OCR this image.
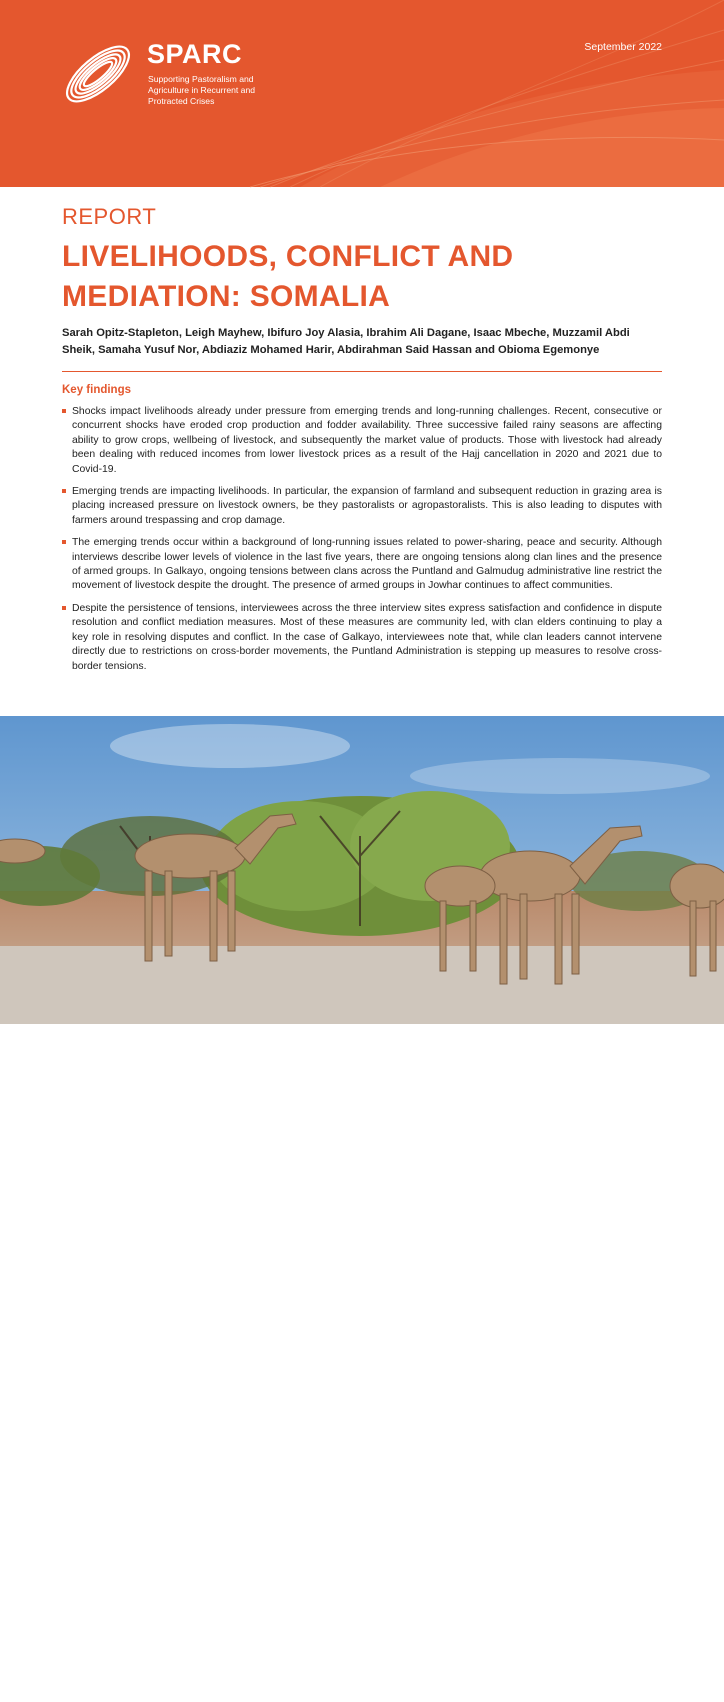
SPARC
Supporting Pastoralism and Agriculture in Recurrent and Protracted Crises
September 2022
REPORT
LIVELIHOODS, CONFLICT AND MEDIATION: SOMALIA
Sarah Opitz-Stapleton, Leigh Mayhew, Ibifuro Joy Alasia, Ibrahim Ali Dagane, Isaac Mbeche, Muzzamil Abdi Sheik, Samaha Yusuf Nor, Abdiaziz Mohamed Harir, Abdirahman Said Hassan and Obioma Egemonye
Key findings
Shocks impact livelihoods already under pressure from emerging trends and long-running challenges. Recent, consecutive or concurrent shocks have eroded crop production and fodder availability. Three successive failed rainy seasons are affecting ability to grow crops, wellbeing of livestock, and subsequently the market value of products. Those with livestock had already been dealing with reduced incomes from lower livestock prices as a result of the Hajj cancellation in 2020 and 2021 due to Covid-19.
Emerging trends are impacting livelihoods. In particular, the expansion of farmland and subsequent reduction in grazing area is placing increased pressure on livestock owners, be they pastoralists or agropastoralists. This is also leading to disputes with farmers around trespassing and crop damage.
The emerging trends occur within a background of long-running issues related to power-sharing, peace and security. Although interviews describe lower levels of violence in the last five years, there are ongoing tensions along clan lines and the presence of armed groups. In Galkayo, ongoing tensions between clans across the Puntland and Galmudug administrative line restrict the movement of livestock despite the drought. The presence of armed groups in Jowhar continues to affect communities.
Despite the persistence of tensions, interviewees across the three interview sites express satisfaction and confidence in dispute resolution and conflict mediation measures. Most of these measures are community led, with clan elders continuing to play a key role in resolving disputes and conflict. In the case of Galkayo, interviewees note that, while clan leaders cannot intervene directly due to restrictions on cross-border movements, the Puntland Administration is stepping up measures to resolve cross-border tensions.
A camel herd in Somalia – image by Muzzamil Abdi Sheik
